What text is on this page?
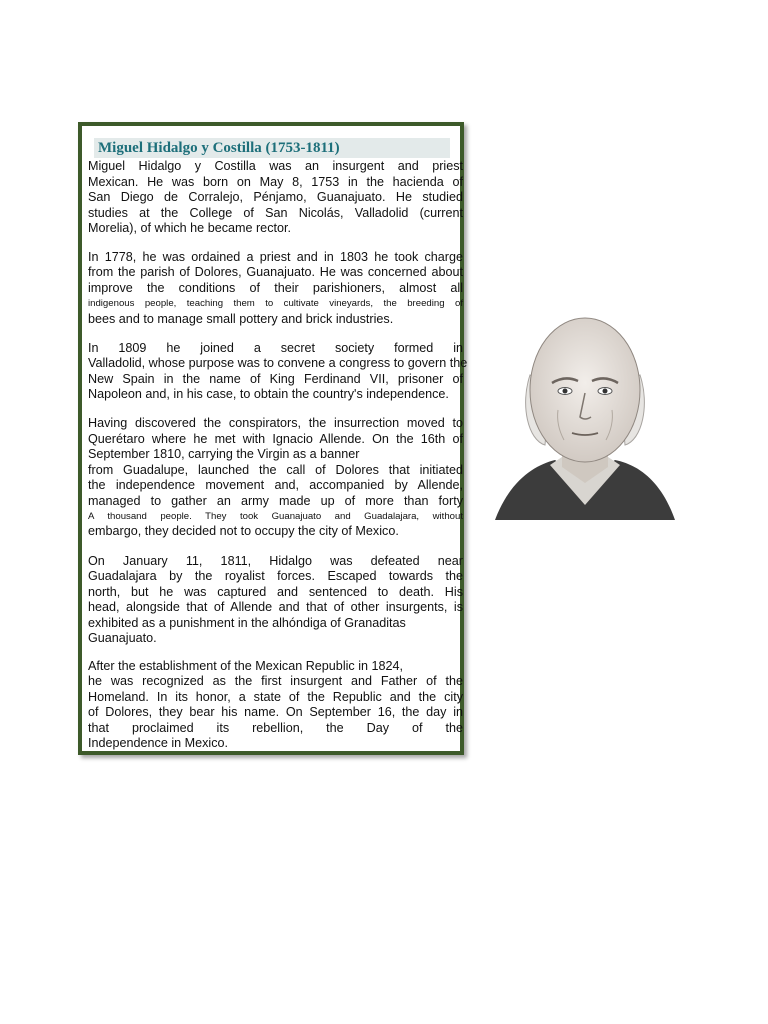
Miguel Hidalgo y Costilla (1753-1811)
Miguel Hidalgo y Costilla was an insurgent and priest
Mexican. He was born on May 8, 1753 in the hacienda of
San Diego de Corralejo, Pénjamo, Guanajuato. He studied
studies at the College of San Nicolás, Valladolid (current
Morelia), of which he became rector.
In 1778, he was ordained a priest and in 1803 he took charge
from the parish of Dolores, Guanajuato. He was concerned about
improve the conditions of their parishioners, almost all
indigenous people, teaching them to cultivate vineyards, the breeding of
bees and to manage small pottery and brick industries.
In 1809 he joined a secret society formed in
Valladolid, whose purpose was to convene a congress to govern the
New Spain in the name of King Ferdinand VII, prisoner of
Napoleon and, in his case, to obtain the country's independence.
Having discovered the conspirators, the insurrection moved to
Querétaro where he met with Ignacio Allende. On the 16th of
September 1810, carrying the Virgin as a banner
from Guadalupe, launched the call of Dolores that initiated
the independence movement and, accompanied by Allende,
managed to gather an army made up of more than forty
A thousand people. They took Guanajuato and Guadalajara, without
embargo, they decided not to occupy the city of Mexico.
On January 11, 1811, Hidalgo was defeated near
Guadalajara by the royalist forces. Escaped towards the
north, but he was captured and sentenced to death. His
head, alongside that of Allende and that of other insurgents, is
exhibited as a punishment in the alhóndiga of Granaditas
Guanajuato.
After the establishment of the Mexican Republic in 1824,
he was recognized as the first insurgent and Father of the
Homeland. In its honor, a state of the Republic and the city
of Dolores, they bear his name. On September 16, the day in
that proclaimed its rebellion, the Day of the
Independence in Mexico.
